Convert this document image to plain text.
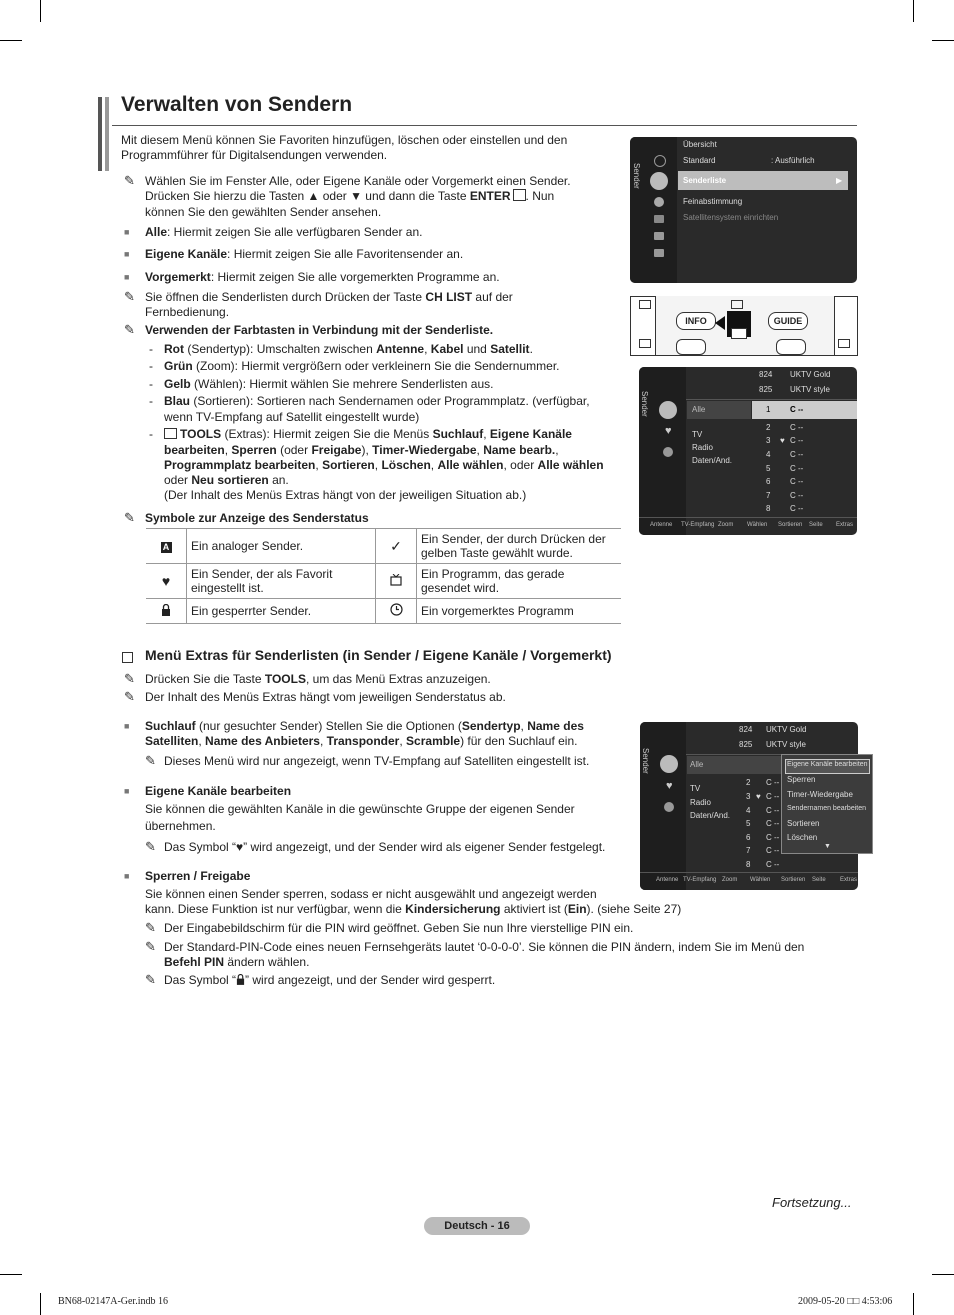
Verwalten von Sendern
Mit diesem Menü können Sie Favoriten hinzufügen, löschen oder einstellen und den
Programmführer für Digitalsendungen verwenden.
✎ Wählen Sie im Fenster Alle, oder Eigene Kanäle oder Vorgemerkt einen Sender.
Drücken Sie hierzu die Tasten ▲ oder ▼ und dann die Taste ENTER . Nun
können Sie den gewählten Sender ansehen.
■ Alle: Hiermit zeigen Sie alle verfügbaren Sender an.
■ Eigene Kanäle: Hiermit zeigen Sie alle Favoritensender an.
■ Vorgemerkt: Hiermit zeigen Sie alle vorgemerkten Programme an.
✎ Sie öffnen die Senderlisten durch Drücken der Taste CH LIST auf der
Fernbedienung.
✎ Verwenden der Farbtasten in Verbindung mit der Senderliste.
- Rot (Sendertyp): Umschalten zwischen Antenne, Kabel und Satellit.
- Grün (Zoom): Hiermit vergrößern oder verkleinern Sie die Sendernummer.
- Gelb (Wählen): Hiermit wählen Sie mehrere Senderlisten aus.
- Blau (Sortieren): Sortieren nach Sendernamen oder Programmplatz. (verfügbar,
wenn TV-Empfang auf Satellit eingestellt wurde)
-	TOOLS (Extras): Hiermit zeigen Sie die Menüs Suchlauf, Eigene Kanäle
bearbeiten, Sperren (oder Freigabe), Timer-Wiedergabe, Name bearb.,
Programmplatz bearbeiten, Sortieren, Löschen, Alle wählen, oder Alle wählen
oder Neu sortieren an.
(Der Inhalt des Menüs Extras hängt von der jeweiligen Situation ab.)
✎ Symbole zur Anzeige des Senderstatus
A	Ein analoger Sender.	✓	Ein Sender, der durch Drücken der
gelben Taste gewählt wurde.
♥	Ein Sender, der als Favorit
eingestellt ist.		Ein Programm, das gerade
gesendet wird.
	Ein gesperrter Sender.		Ein vorgemerktes Programm
Menü Extras für Senderlisten (in Sender / Eigene Kanäle / Vorgemerkt)
✎ Drücken Sie die Taste TOOLS, um das Menü Extras anzuzeigen.
✎ Der Inhalt des Menüs Extras hängt vom jeweiligen Senderstatus ab.
■ Suchlauf (nur gesuchter Sender) Stellen Sie die Optionen (Sendertyp, Name des
Satelliten, Name des Anbieters, Transponder, Scramble) für den Suchlauf ein.
✎ Dieses Menü wird nur angezeigt, wenn TV-Empfang auf Satelliten eingestellt ist.
■ Eigene Kanäle bearbeiten
Sie können die gewählten Kanäle in die gewünschte Gruppe der eigenen Sender
übernehmen.
✎ Das Symbol “♥” wird angezeigt, und der Sender wird als eigener Sender festgelegt.
■ Sperren / Freigabe
Sie können einen Sender sperren, sodass er nicht ausgewählt und angezeigt werden
kann. Diese Funktion ist nur verfügbar, wenn die Kindersicherung aktiviert ist (Ein). (siehe Seite 27)
✎ Der Eingabebildschirm für die PIN wird geöffnet. Geben Sie nun Ihre vierstellige PIN ein.
✎ Der Standard-PIN-Code eines neuen Fernsehgeräts lautet ‘0-0-0-0’. Sie können die PIN ändern, indem Sie im Menü den
Befehl PIN ändern wählen.
✎ Das Symbol “ ” wird angezeigt, und der Sender wird gesperrt.
Sender
Übersicht
Standard	: Ausführlich
Senderliste	▶
Feinabstimmung
Satellitensystem einrichten
INFO	GUIDE
Sender
♥
824 UKTV Gold
825 UKTV style
Alle
TV
Radio
Daten/And.
1 C --
2 C --
3 ♥ C --
4 C --
5 C --
6 C --
7 C --
8 C --
Antenne TV-Empfang Zoom Wählen Sortieren Seite Extras
Sender
♥
824 UKTV Gold
825 UKTV style
Alle
TV
Radio
Daten/And.
2 C --
3 ♥ C --
4 C --
5 C --
6 C --
7 C --
8 C --
Antenne TV-Empfang Zoom Wählen Sortieren Seite Extras
Eigene Kanäle bearbeiten
Sperren
Timer-Wiedergabe
Sendernamen bearbeiten
Sortieren
Löschen
▼
Fortsetzung...
Deutsch - 16
BN68-02147A-Ger.indb 16	2009-05-20 □□ 4:53:06
